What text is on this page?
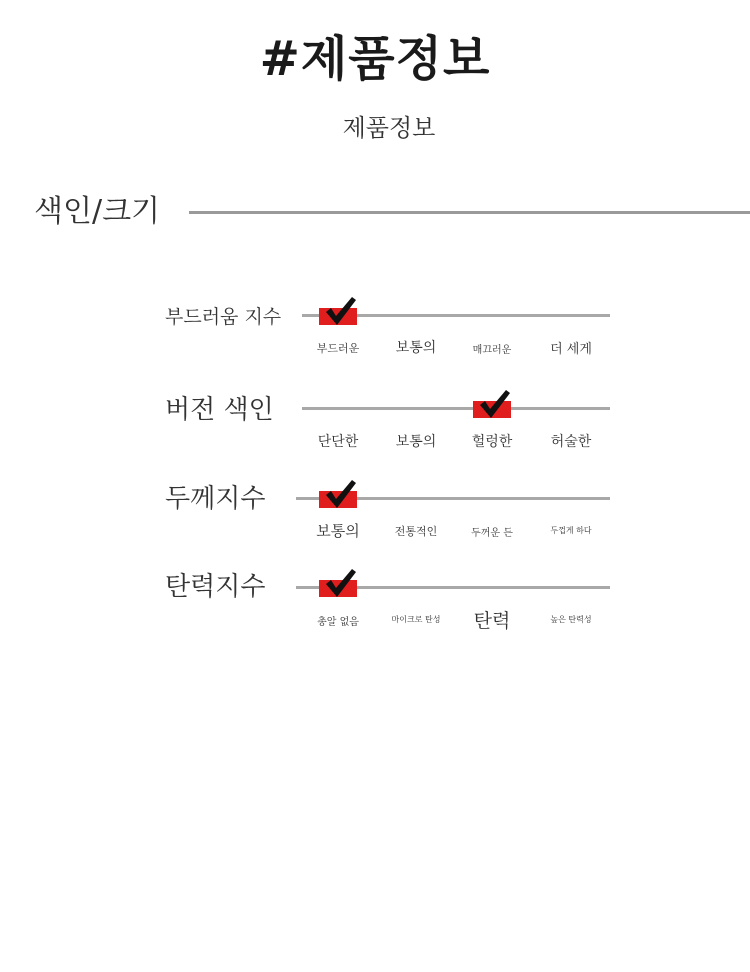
#제품정보
제품정보
색인/크기
부드러움 지수
부드러운	보통의	매끄러운	더 세게
버전 색인
단단한	보통의	헐렁한	허술한
두께지수
보통의	전통적인	두꺼운 든	두껍게 하다
탄력지수
총알 없음	마이크로 탄성	탄력	높은 탄력성
